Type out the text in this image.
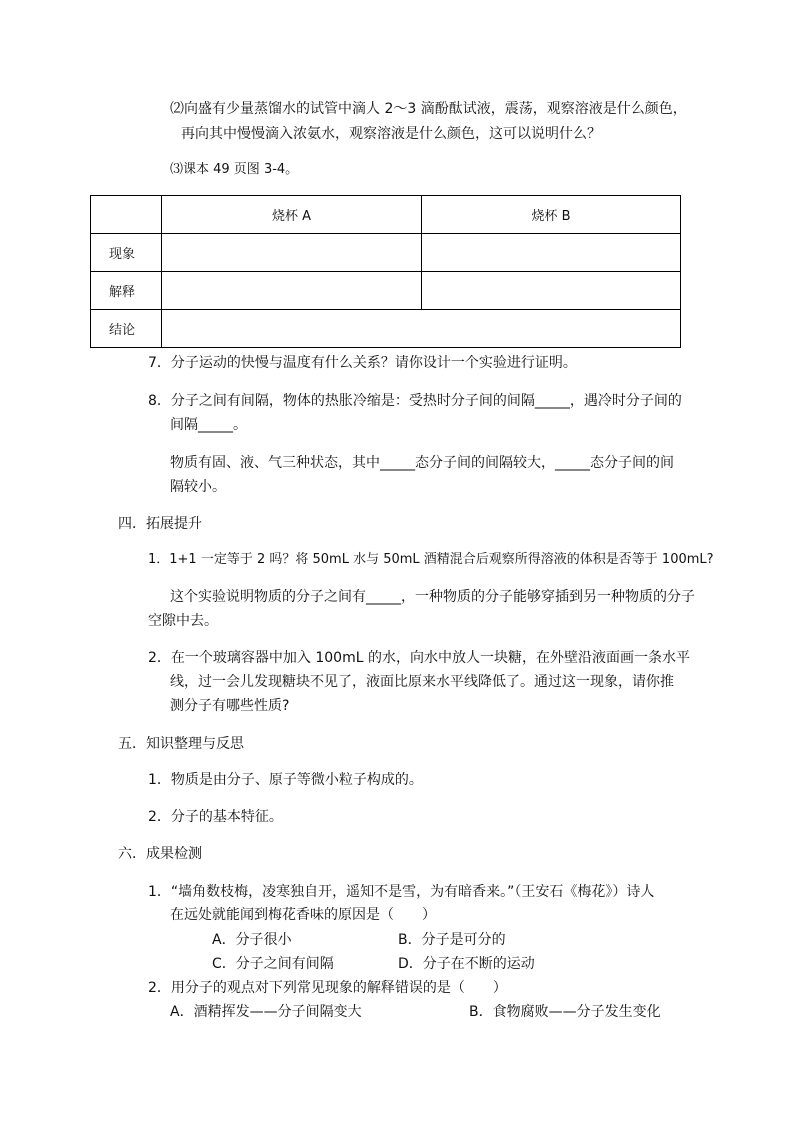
⑵向盛有少量蒸馏水的试管中滴人 2～3 滴酚酞试液，震荡，观察溶液是什么颜色，
再向其中慢慢滴入浓氨水，观察溶液是什么颜色，这可以说明什么？
⑶课本 49 页图 3-4。
	烧杯 A	烧杯 B
现象		
解释		
结论		
7．分子运动的快慢与温度有什么关系？请你设计一个实验进行证明。
8．分子之间有间隔，物体的热胀冷缩是：受热时分子间的间隔_____，遇冷时分子间的
间隔_____。
物质有固、液、气三种状态，其中_____态分子间的间隔较大，_____态分子间的间
隔较小。
四．拓展提升
1．1+1 一定等于 2 吗？将 50mL 水与 50mL 酒精混合后观察所得溶液的体积是否等于 100mL?
这个实验说明物质的分子之间有_____，一种物质的分子能够穿插到另一种物质的分子
空隙中去。
2．在一个玻璃容器中加入 100mL 的水，向水中放人一块糖，在外壁沿液面画一条水平
线，过一会儿发现糖块不见了，液面比原来水平线降低了。通过这一现象，请你推
测分子有哪些性质?
五．知识整理与反思
1．物质是由分子、原子等微小粒子构成的。
2．分子的基本特征。
六．成果检测
1．“墙角数枝梅，凌寒独自开，遥知不是雪，为有暗香来。”（王安石《梅花》）诗人
在远处就能闻到梅花香味的原因是（　　）
A．分子很小	B．分子是可分的
C．分子之间有间隔	D．分子在不断的运动
2．用分子的观点对下列常见现象的解释错误的是（　　）
A．酒精挥发——分子间隔变大	B．食物腐败——分子发生变化
